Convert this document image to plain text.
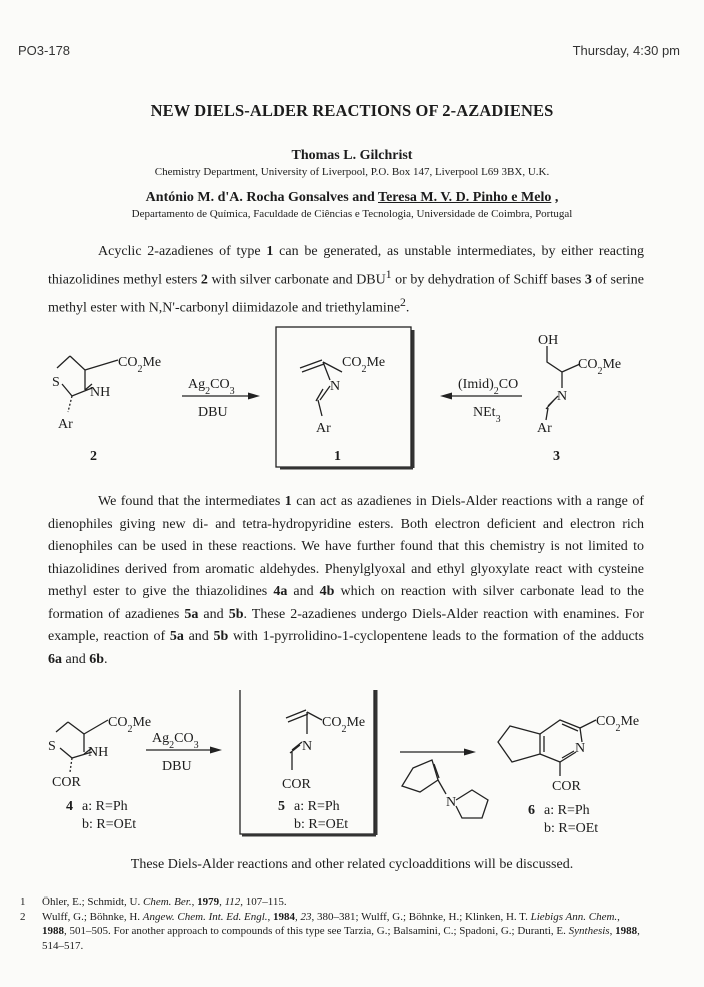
PO3-178	Thursday, 4:30 pm
NEW DIELS-ALDER REACTIONS OF 2-AZADIENES
Thomas L. Gilchrist
Chemistry Department, University of Liverpool, P.O. Box 147, Liverpool L69 3BX, U.K.
António M. d'A. Rocha Gonsalves and Teresa M. V. D. Pinho e Melo ,
Departamento de Química, Faculdade de Ciências e Tecnologia, Universidade de Coimbra, Portugal

Acyclic 2-azadienes of type 1 can be generated, as unstable intermediates, by either reacting thiazolidines methyl esters 2 with silver carbonate and DBU$^1$ or by dehydration of Schiff bases 3 of serine methyl ester with N,N'-carbonyl diimidazole and triethylamine$^2$.

$CO_2Me$
S
NH
Ar
2
$Ag_2CO_3$
DBU
$CO_2Me$
N
Ar
1
$(Imid)_2CO$
NEt$_3$
OH
$CO_2Me$
N
Ar
3

We found that the intermediates 1 can act as azadienes in Diels-Alder reactions with a range of dienophiles giving new di- and tetra-hydropyridine esters. Both electron deficient and electron rich dienophiles can be used in these reactions. We have further found that this chemistry is not limited to thiazolidines derived from aromatic aldehydes. Phenylglyoxal and ethyl glyoxylate react with cysteine methyl ester to give the thiazolidines 4a and 4b which on reaction with silver carbonate lead to the formation of azadienes 5a and 5b. These 2-azadienes undergo Diels-Alder reaction with enamines. For example, reaction of 5a and 5b with 1-pyrrolidino-1-cyclopentene leads to the formation of the adducts 6a and 6b.

$CO_2Me$
S NH
COR
4 a: R=Ph
b: R=OEt
$Ag_2CO_3$
DBU
$CO_2Me$
N
COR
5 a: R=Ph
b: R=OEt
N
$CO_2Me$
N
COR
6 a: R=Ph
b: R=OEt
These Diels-Alder reactions and other related cycloadditions will be discussed.
1 Öhler, E.; Schmidt, U. Chem. Ber., 1979, 112, 107–115.
2 Wulff, G.; Böhnke, H. Angew. Chem. Int. Ed. Engl., 1984, 23, 380–381; Wulff, G.; Böhnke, H.; Klinken, H. T. Liebigs Ann. Chem., 1988, 501–505. For another approach to compounds of this type see Tarzia, G.; Balsamini, C.; Spadoni, G.; Duranti, E. Synthesis, 1988, 514–517.
